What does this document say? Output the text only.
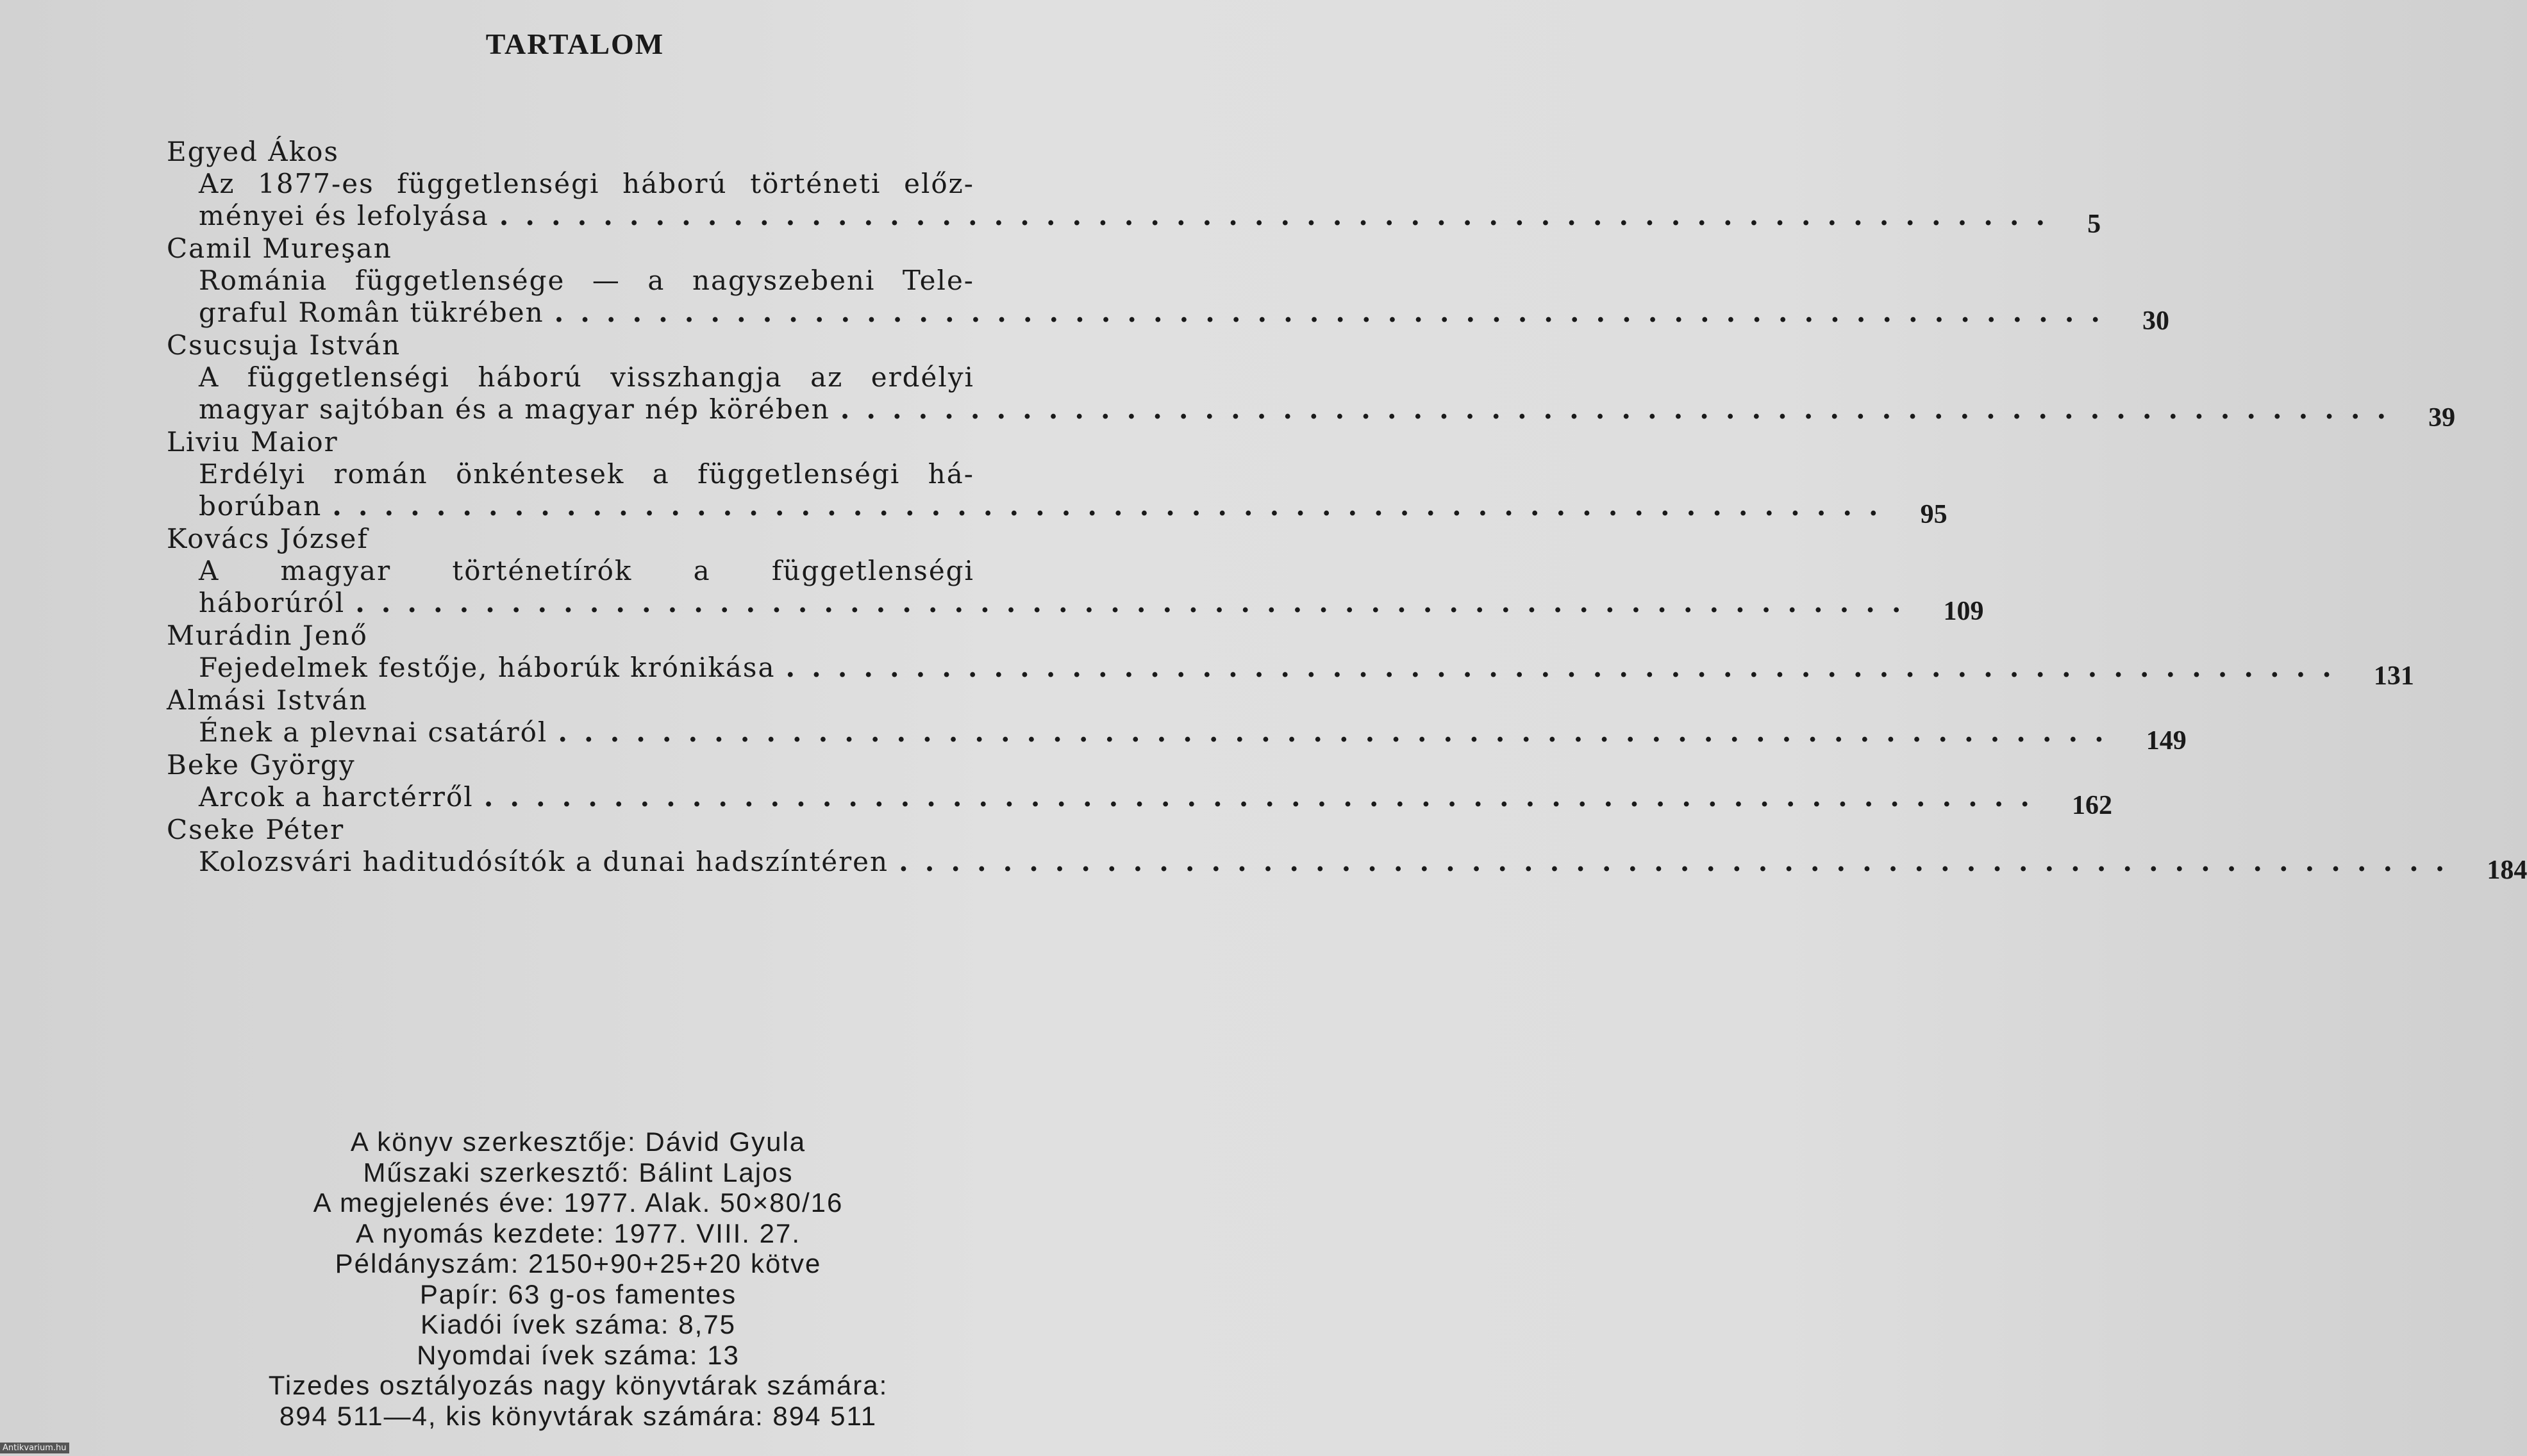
TARTALOM
Egyed Ákos
Az 1877-es függetlenségi háború történeti előz-
ményei és lefolyása ............................................................ 5
Camil Mureşan
Románia függetlensége — a nagyszebeni Tele-
graful Român tükrében ............................................................ 30
Csucsuja István
A függetlenségi háború visszhangja az erdélyi
magyar sajtóban és a magyar nép körében ............................................................ 39
Liviu Maior
Erdélyi román önkéntesek a függetlenségi há-
borúban ............................................................ 95
Kovács József
A magyar történetírók a függetlenségi
háborúról ............................................................ 109
Murádin Jenő
Fejedelmek festője, háborúk krónikása ............................................................ 131
Almási István
Ének a plevnai csatáról ............................................................ 149
Beke György
Arcok a harctérről ............................................................ 162
Cseke Péter
Kolozsvári haditudósítók a dunai hadszíntéren ............................................................ 184
A könyv szerkesztője: Dávid Gyula
Műszaki szerkesztő: Bálint Lajos
A megjelenés éve: 1977. Alak. 50×80/16
A nyomás kezdete: 1977. VIII. 27.
Példányszám: 2150+90+25+20 kötve
Papír: 63 g-os famentes
Kiadói ívek száma: 8,75
Nyomdai ívek száma: 13
Tizedes osztályozás nagy könyvtárak számára:
894 511—4, kis könyvtárak számára: 894 511
Antikvarium.hu
